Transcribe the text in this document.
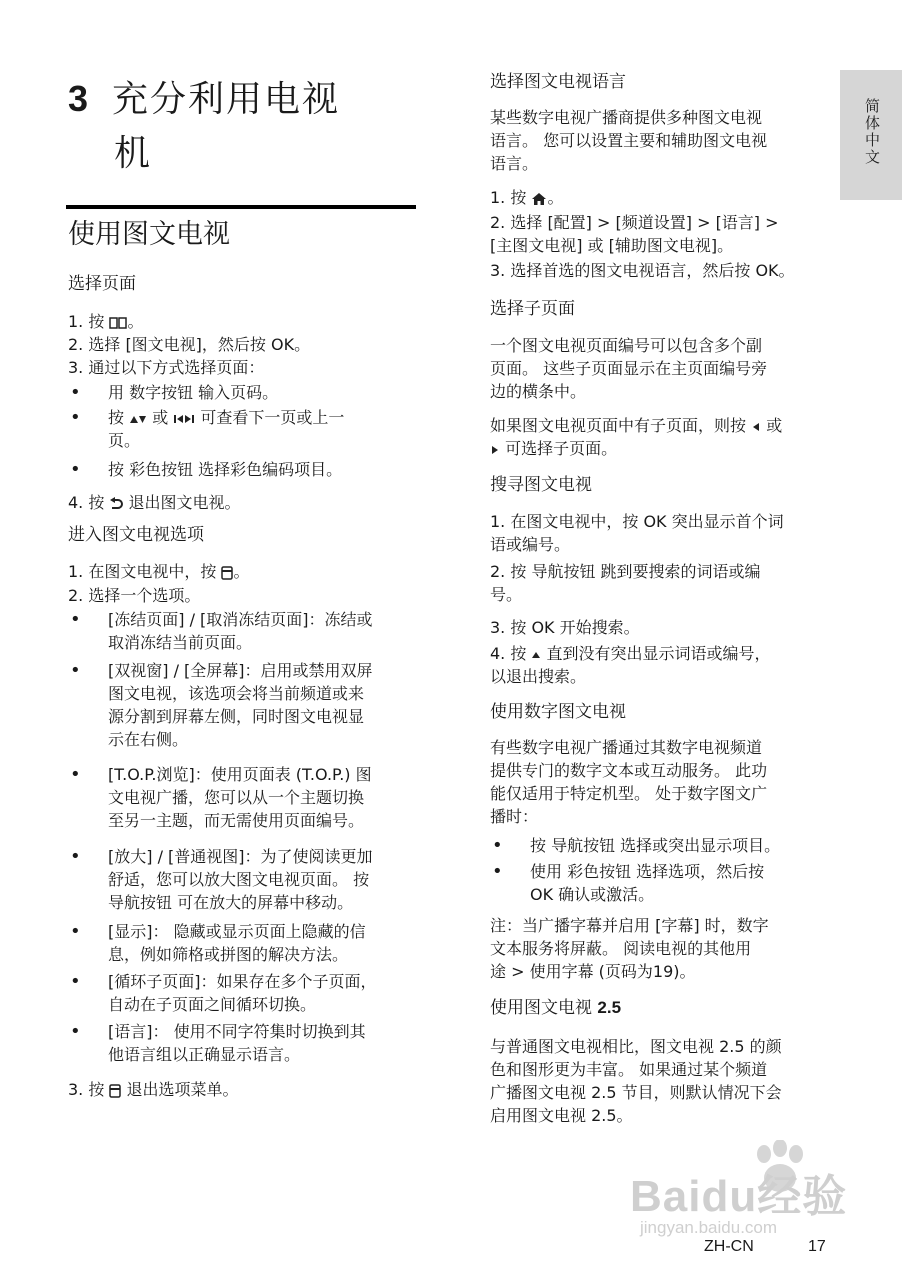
简体中文
3 充分利用电视
机
使用图文电视
选择页面
1. 按 。
2. 选择 [图文电视]，然后按 OK。
3. 通过以下方式选择页面：
• 用 数字按钮 输入页码。
• 按 或 可查看下一页或上一
页。
• 按 彩色按钮 选择彩色编码项目。
4. 按 退出图文电视。
进入图文电视选项
1. 在图文电视中，按 。
2. 选择一个选项。
• [冻结页面] / [取消冻结页面]：冻结或
取消冻结当前页面。
• [双视窗] / [全屏幕]：启用或禁用双屏
图文电视，该选项会将当前频道或来
源分割到屏幕左侧，同时图文电视显
示在右侧。
• [T.O.P.浏览]：使用页面表 (T.O.P.) 图
文电视广播，您可以从一个主题切换
至另一主题，而无需使用页面编号。
• [放大] / [普通视图]：为了使阅读更加
舒适，您可以放大图文电视页面。 按
导航按钮 可在放大的屏幕中移动。
• [显示]： 隐藏或显示页面上隐藏的信
息，例如筛格或拼图的解决方法。
• [循环子页面]：如果存在多个子页面，
自动在子页面之间循环切换。
• [语言]： 使用不同字符集时切换到其
他语言组以正确显示语言。
3. 按 退出选项菜单。
选择图文电视语言
某些数字电视广播商提供多种图文电视
语言。 您可以设置主要和辅助图文电视
语言。
1. 按 。
2. 选择 [配置] > [频道设置] > [语言] >
[主图文电视] 或 [辅助图文电视]。
3. 选择首选的图文电视语言，然后按 OK。
选择子页面
一个图文电视页面编号可以包含多个副
页面。 这些子页面显示在主页面编号旁
边的横条中。
如果图文电视页面中有子页面，则按 或
可选择子页面。
搜寻图文电视
1. 在图文电视中，按 OK 突出显示首个词
语或编号。
2. 按 导航按钮 跳到要搜索的词语或编
号。
3. 按 OK 开始搜索。
4. 按 直到没有突出显示词语或编号，
以退出搜索。
使用数字图文电视
有些数字电视广播通过其数字电视频道
提供专门的数字文本或互动服务。 此功
能仅适用于特定机型。 处于数字图文广
播时：
• 按 导航按钮 选择或突出显示项目。
• 使用 彩色按钮 选择选项，然后按
OK 确认或激活。
注：当广播字幕并启用 [字幕] 时，数字
文本服务将屏蔽。 阅读电视的其他用
途 > 使用字幕 (页码为19)。
使用图文电视 2.5
与普通图文电视相比，图文电视 2.5 的颜
色和图形更为丰富。 如果通过某个频道
广播图文电视 2.5 节目，则默认情况下会
启用图文电视 2.5。
Baidu经验
jingyan.baidu.com
ZH-CN	17
